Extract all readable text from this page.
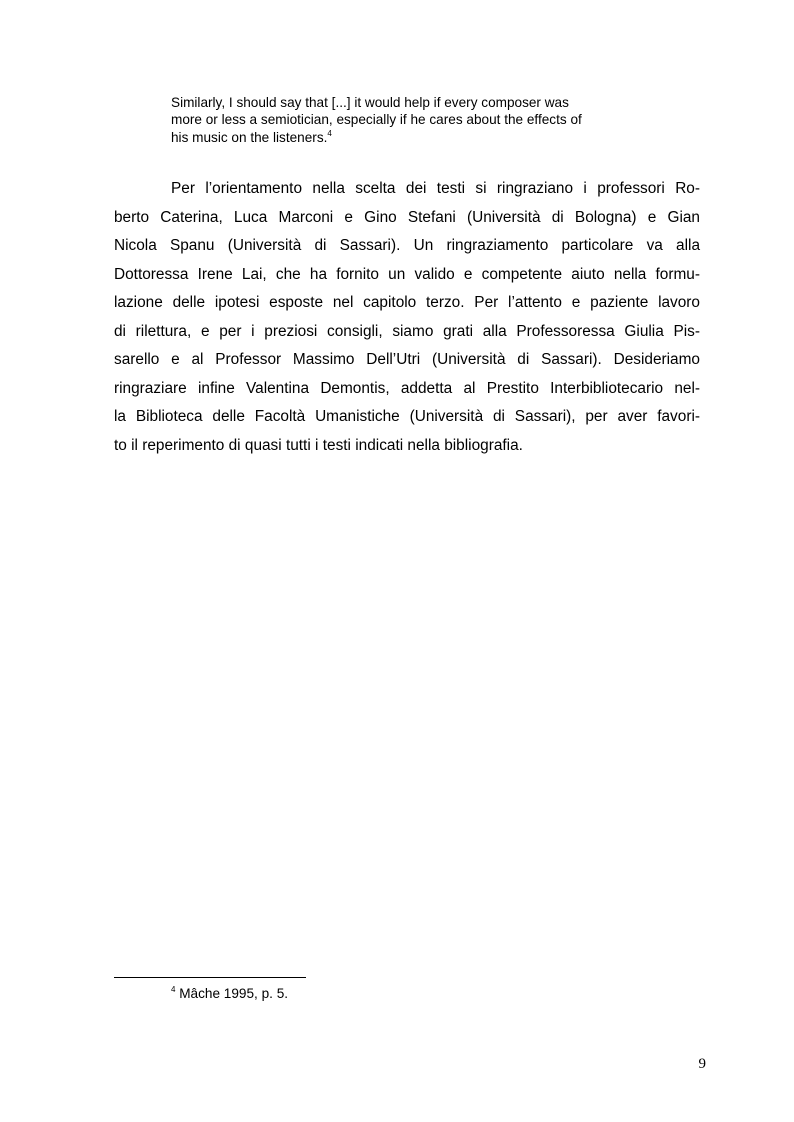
Similarly, I should say that [...] it would help if every composer was
more or less a semiotician, especially if he cares about the effects of
his music on the listeners.$^4$
Per l’orientamento nella scelta dei testi si ringraziano i professori Ro-
berto Caterina, Luca Marconi e Gino Stefani (Università di Bologna) e Gian
Nicola Spanu (Università di Sassari). Un ringraziamento particolare va alla
Dottoressa Irene Lai, che ha fornito un valido e competente aiuto nella formu-
lazione delle ipotesi esposte nel capitolo terzo. Per l’attento e paziente lavoro
di rilettura, e per i preziosi consigli, siamo grati alla Professoressa Giulia Pis-
sarello e al Professor Massimo Dell’Utri (Università di Sassari). Desideriamo
ringraziare infine Valentina Demontis, addetta al Prestito Interbibliotecario nel-
la Biblioteca delle Facoltà Umanistiche (Università di Sassari), per aver favori-
to il reperimento di quasi tutti i testi indicati nella bibliografia.
$^4$ Mâche 1995, p. 5.
9
